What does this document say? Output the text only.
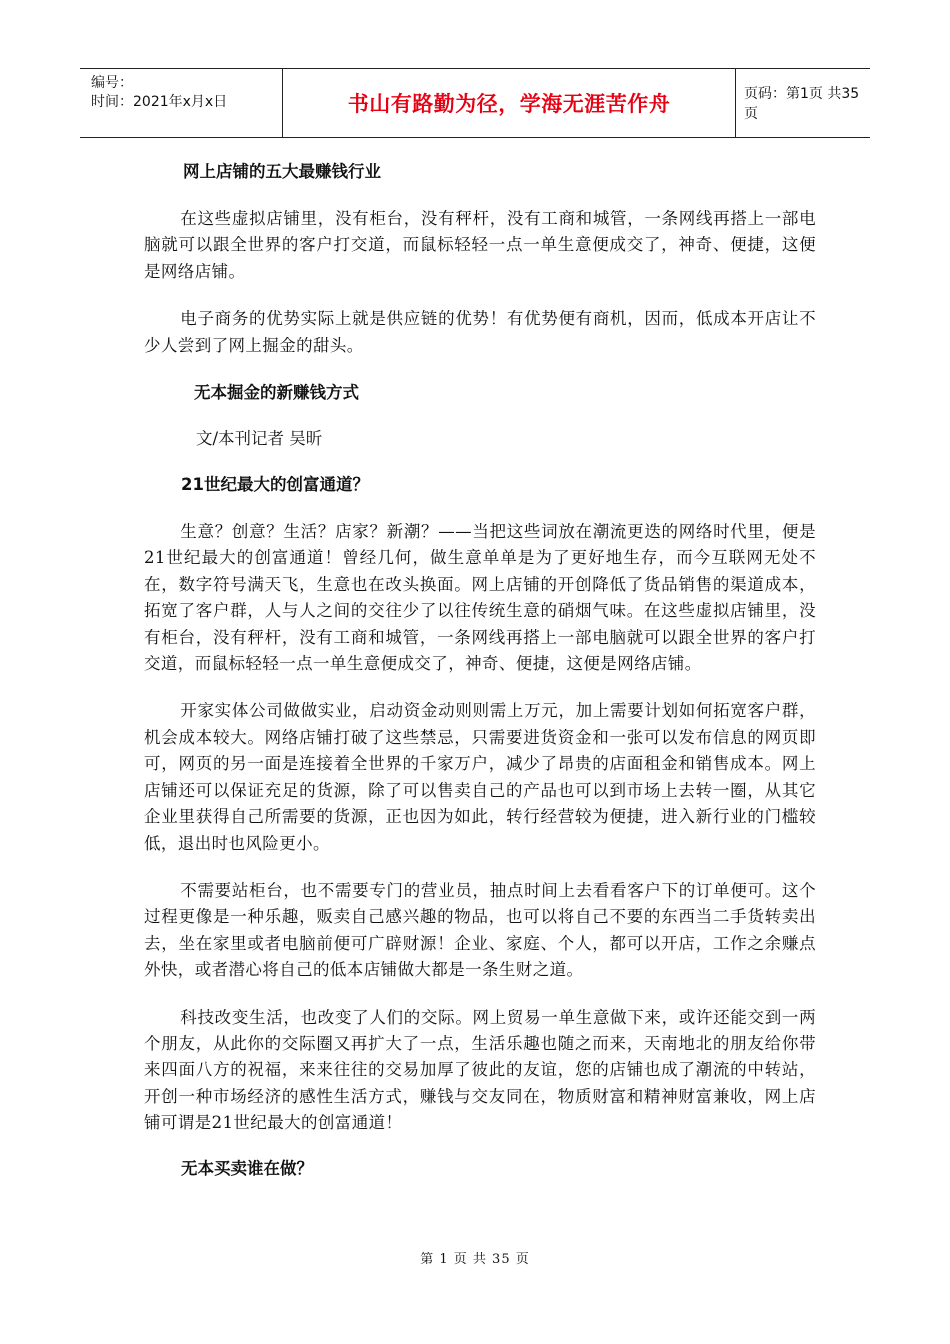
编号：
时间：2021年x月x日	书山有路勤为径，学海无涯苦作舟	页码：第1页 共35页

网上店铺的五大最赚钱行业

在这些虚拟店铺里，没有柜台，没有秤杆，没有工商和城管，一条网线再搭上一部电脑就可以跟全世界的客户打交道，而鼠标轻轻一点一单生意便成交了，神奇、便捷，这便是网络店铺。

电子商务的优势实际上就是供应链的优势！有优势便有商机，因而，低成本开店让不少人尝到了网上掘金的甜头。

无本掘金的新赚钱方式

文/本刊记者 吴昕

21世纪最大的创富通道？

生意？创意？生活？店家？新潮？——当把这些词放在潮流更迭的网络时代里，便是21世纪最大的创富通道！曾经几何，做生意单单是为了更好地生存，而今互联网无处不在，数字符号满天飞，生意也在改头换面。网上店铺的开创降低了货品销售的渠道成本，拓宽了客户群，人与人之间的交往少了以往传统生意的硝烟气味。在这些虚拟店铺里，没有柜台，没有秤杆，没有工商和城管，一条网线再搭上一部电脑就可以跟全世界的客户打交道，而鼠标轻轻一点一单生意便成交了，神奇、便捷，这便是网络店铺。

开家实体公司做做实业，启动资金动则则需上万元，加上需要计划如何拓宽客户群，机会成本较大。网络店铺打破了这些禁忌，只需要进货资金和一张可以发布信息的网页即可，网页的另一面是连接着全世界的千家万户，减少了昂贵的店面租金和销售成本。网上店铺还可以保证充足的货源，除了可以售卖自己的产品也可以到市场上去转一圈，从其它企业里获得自己所需要的货源，正也因为如此，转行经营较为便捷，进入新行业的门槛较低，退出时也风险更小。

不需要站柜台，也不需要专门的营业员，抽点时间上去看看客户下的订单便可。这个过程更像是一种乐趣，贩卖自己感兴趣的物品，也可以将自己不要的东西当二手货转卖出去，坐在家里或者电脑前便可广辟财源！企业、家庭、个人，都可以开店，工作之余赚点外快，或者潜心将自己的低本店铺做大都是一条生财之道。

科技改变生活，也改变了人们的交际。网上贸易一单生意做下来，或许还能交到一两个朋友，从此你的交际圈又再扩大了一点，生活乐趣也随之而来，天南地北的朋友给你带来四面八方的祝福，来来往往的交易加厚了彼此的友谊，您的店铺也成了潮流的中转站，开创一种市场经济的感性生活方式，赚钱与交友同在，物质财富和精神财富兼收，网上店铺可谓是21世纪最大的创富通道！

无本买卖谁在做？

第 1 页 共 35 页
